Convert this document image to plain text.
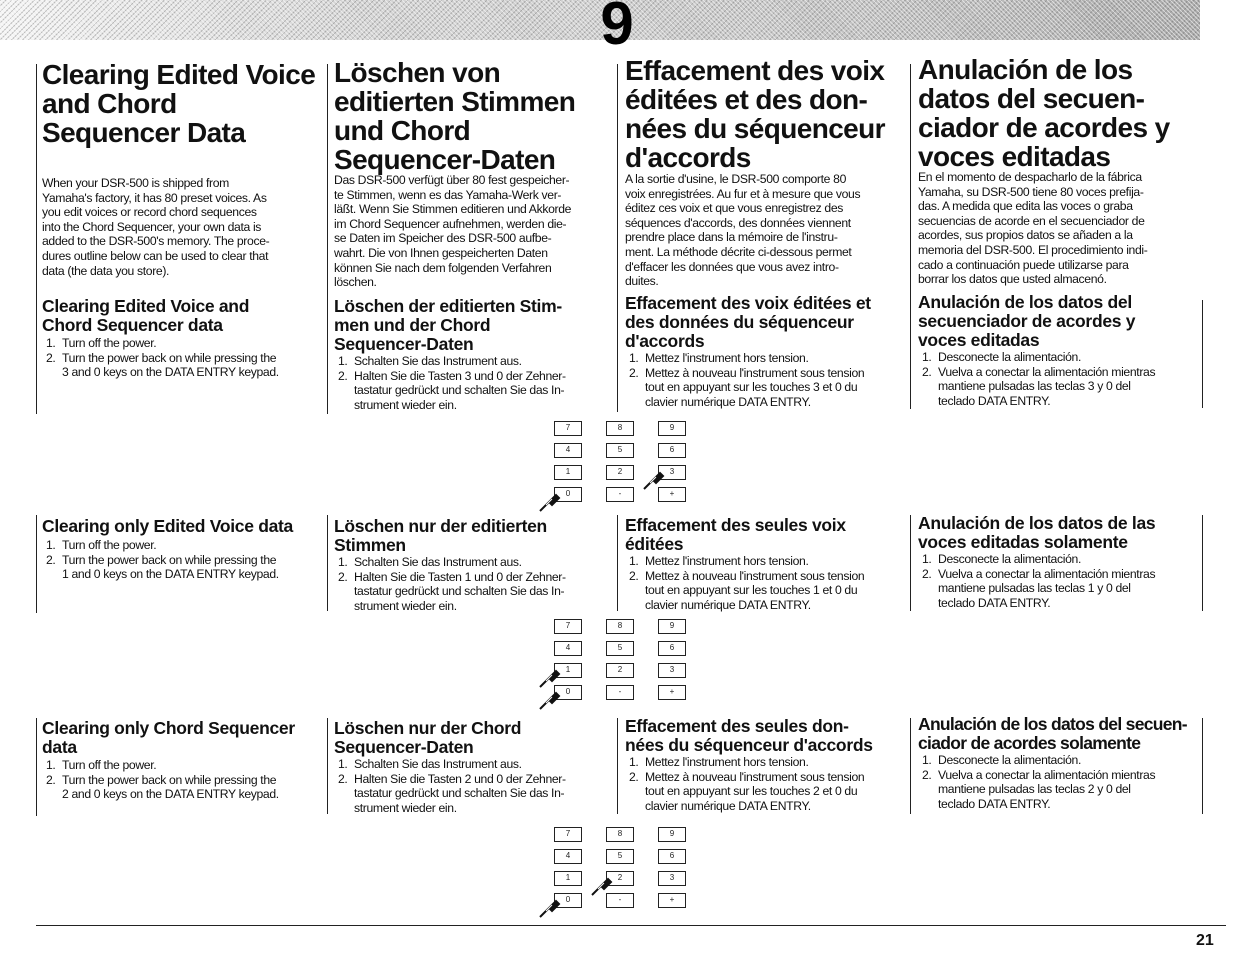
9
21
Clearing Edited Voice
and Chord
Sequencer Data

When your DSR-500 is shipped from
Yamaha's factory, it has 80 preset voices. As
you edit voices or record chord sequences
into the Chord Sequencer, your own data is
added to the DSR-500's memory. The proce-
dures outline below can be used to clear that
data (the data you store).

Clearing Edited Voice and
Chord Sequencer data
1. Turn off the power.
2. Turn the power back on while pressing the
3 and 0 keys on the DATA ENTRY keypad.
Clearing only Edited Voice data
1. Turn off the power.
2. Turn the power back on while pressing the
1 and 0 keys on the DATA ENTRY keypad.
Clearing only Chord Sequencer
data
1. Turn off the power.
2. Turn the power back on while pressing the
2 and 0 keys on the DATA ENTRY keypad.
Löschen von
editierten Stimmen
und Chord
Sequencer-Daten

Das DSR-500 verfügt über 80 fest gespeicher-
te Stimmen, wenn es das Yamaha-Werk ver-
läßt. Wenn Sie Stimmen editieren und Akkorde
im Chord Sequencer aufnehmen, werden die-
se Daten im Speicher des DSR-500 aufbe-
wahrt. Die von Ihnen gespeicherten Daten
können Sie nach dem folgenden Verfahren
löschen.

Löschen der editierten Stim-
men und der Chord
Sequencer-Daten
1. Schalten Sie das Instrument aus.
2. Halten Sie die Tasten 3 und 0 der Zehner-
tastatur gedrückt und schalten Sie das In-
strument wieder ein.
Löschen nur der editierten
Stimmen
1. Schalten Sie das Instrument aus.
2. Halten Sie die Tasten 1 und 0 der Zehner-
tastatur gedrückt und schalten Sie das In-
strument wieder ein.
Löschen nur der Chord
Sequencer-Daten
1. Schalten Sie das Instrument aus.
2. Halten Sie die Tasten 2 und 0 der Zehner-
tastatur gedrückt und schalten Sie das In-
strument wieder ein.
Effacement des voix
éditées et des don-
nées du séquenceur
d'accords

A la sortie d'usine, le DSR-500 comporte 80
voix enregistrées. Au fur et à mesure que vous
éditez ces voix et que vous enregistrez des
séquences d'accords, des données viennent
prendre place dans la mémoire de l'instru-
ment. La méthode décrite ci-dessous permet
d'effacer les données que vous avez intro-
duites.

Effacement des voix éditées et
des données du séquenceur
d'accords
1. Mettez l'instrument hors tension.
2. Mettez à nouveau l'instrument sous tension
tout en appuyant sur les touches 3 et 0 du
clavier numérique DATA ENTRY.
Effacement des seules voix
éditées
1. Mettez l'instrument hors tension.
2. Mettez à nouveau l'instrument sous tension
tout en appuyant sur les touches 1 et 0 du
clavier numérique DATA ENTRY.
Effacement des seules don-
nées du séquenceur d'accords
1. Mettez l'instrument hors tension.
2. Mettez à nouveau l'instrument sous tension
tout en appuyant sur les touches 2 et 0 du
clavier numérique DATA ENTRY.
Anulación de los
datos del secuen-
ciador de acordes y
voces editadas

En el momento de despacharlo de la fábrica
Yamaha, su DSR-500 tiene 80 voces prefija-
das. A medida que edita las voces o graba
secuencias de acorde en el secuenciador de
acordes, sus propios datos se añaden a la
memoria del DSR-500. El procedimiento indi-
cado a continuación puede utilizarse para
borrar los datos que usted almacenó.

Anulación de los datos del
secuenciador de acordes y
voces editadas
1. Desconecte la alimentación.
2. Vuelva a conectar la alimentación mientras
mantiene pulsadas las teclas 3 y 0 del
teclado DATA ENTRY.
Anulación de los datos de las
voces editadas solamente
1. Desconecte la alimentación.
2. Vuelva a conectar la alimentación mientras
mantiene pulsadas las teclas 1 y 0 del
teclado DATA ENTRY.
Anulación de los datos del secuen-
ciador de acordes solamente
1. Desconecte la alimentación.
2. Vuelva a conectar la alimentación mientras
mantiene pulsadas las teclas 2 y 0 del
teclado DATA ENTRY.
7	8	9
4	5	6
1	2	3
0	-	+
7	8	9
4	5	6
1	2	3
0	-	+
7	8	9
4	5	6
1	2	3
0	-	+
